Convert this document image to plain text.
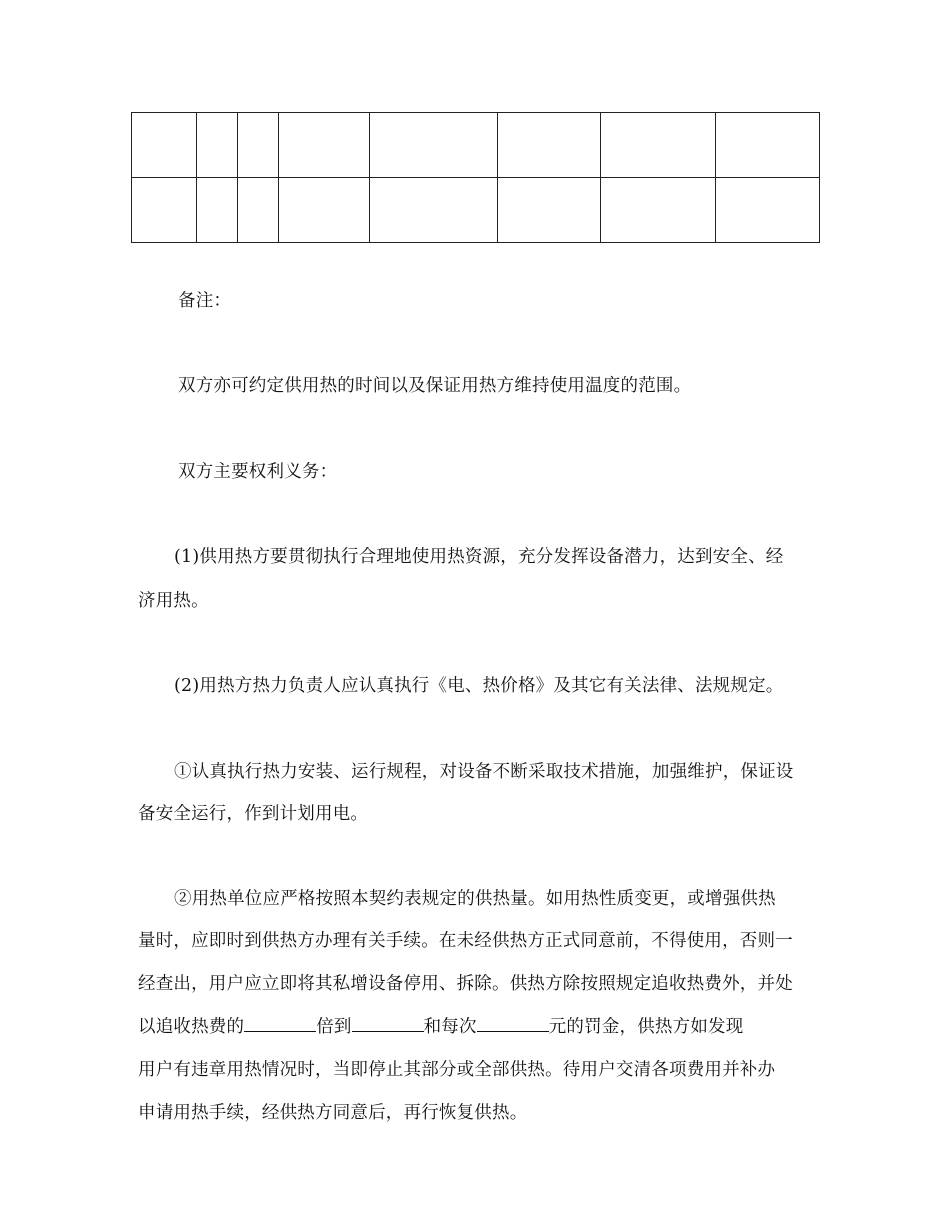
备注：
双方亦可约定供用热的时间以及保证用热方维持使用温度的范围。
双方主要权利义务：
(1)供用热方要贯彻执行合理地使用热资源，充分发挥设备潜力，达到安全、经
济用热。
(2)用热方热力负责人应认真执行《电、热价格》及其它有关法律、法规规定。
①认真执行热力安装、运行规程，对设备不断采取技术措施，加强维护，保证设
备安全运行，作到计划用电。
②用热单位应严格按照本契约表规定的供热量。如用热性质变更，或增强供热
量时，应即时到供热方办理有关手续。在未经供热方正式同意前，不得使用，否则一
经查出，用户应立即将其私增设备停用、拆除。供热方除按照规定追收热费外，并处
以追收热费的	倍到	和每次	元的罚金，供热方如发现
用户有违章用热情况时，当即停止其部分或全部供热。待用户交清各项费用并补办
申请用热手续，经供热方同意后，再行恢复供热。
